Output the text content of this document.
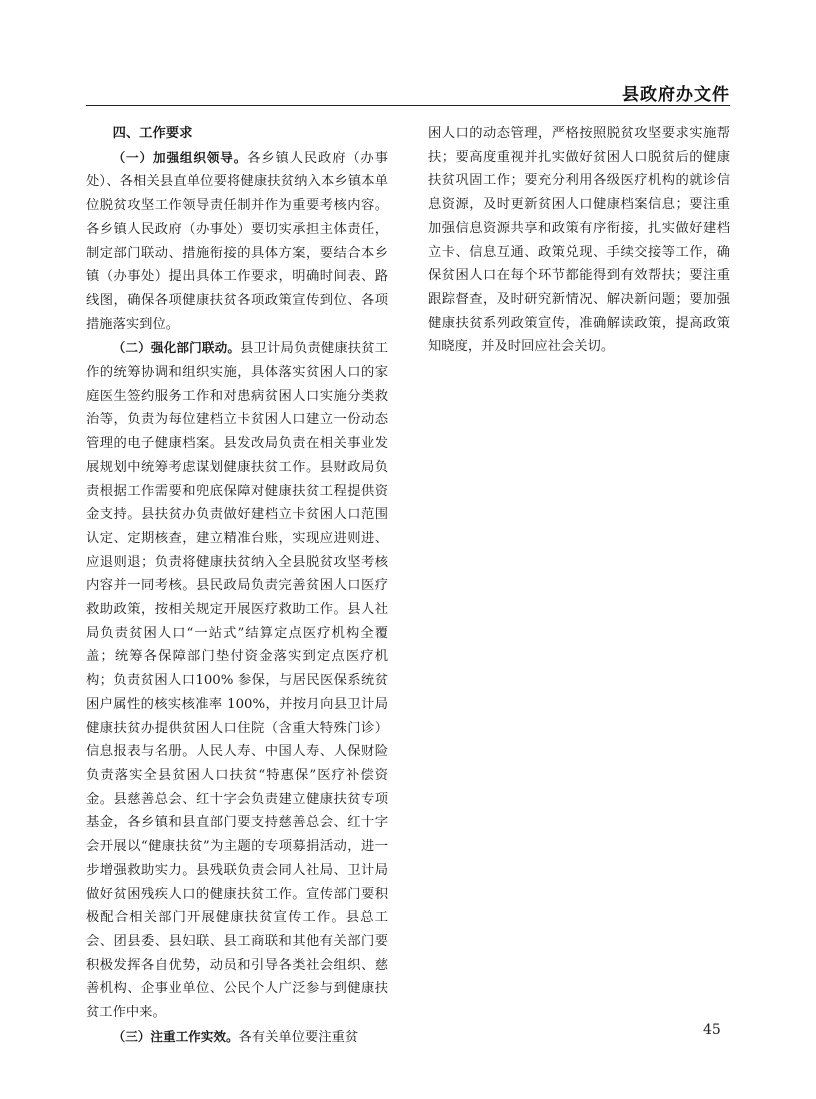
县政府办文件

四、工作要求

（一）加强组织领导。各乡镇人民政府（办事处）、各相关县直单位要将健康扶贫纳入本乡镇本单位脱贫攻坚工作领导责任制并作为重要考核内容。各乡镇人民政府（办事处）要切实承担主体责任，制定部门联动、措施衔接的具体方案，要结合本乡镇（办事处）提出具体工作要求，明确时间表、路线图，确保各项健康扶贫各项政策宣传到位、各项措施落实到位。

（二）强化部门联动。县卫计局负责健康扶贫工作的统筹协调和组织实施，具体落实贫困人口的家庭医生签约服务工作和对患病贫困人口实施分类救治等，负责为每位建档立卡贫困人口建立一份动态管理的电子健康档案。县发改局负责在相关事业发展规划中统筹考虑谋划健康扶贫工作。县财政局负责根据工作需要和兜底保障对健康扶贫工程提供资金支持。县扶贫办负责做好建档立卡贫困人口范围认定、定期核查，建立精准台账，实现应进则进、应退则退；负责将健康扶贫纳入全县脱贫攻坚考核内容并一同考核。县民政局负责完善贫困人口医疗救助政策，按相关规定开展医疗救助工作。县人社局负责贫困人口“一站式”结算定点医疗机构全覆盖；统筹各保障部门垫付资金落实到定点医疗机构；负责贫困人口100% 参保，与居民医保系统贫困户属性的核实核准率 100%，并按月向县卫计局健康扶贫办提供贫困人口住院（含重大特殊门诊）信息报表与名册。人民人寿、中国人寿、人保财险负责落实全县贫困人口扶贫“特惠保”医疗补偿资金。县慈善总会、红十字会负责建立健康扶贫专项基金，各乡镇和县直部门要支持慈善总会、红十字会开展以“健康扶贫”为主题的专项募捐活动，进一步增强救助实力。县残联负责会同人社局、卫计局做好贫困残疾人口的健康扶贫工作。宣传部门要积极配合相关部门开展健康扶贫宣传工作。县总工会、团县委、县妇联、县工商联和其他有关部门要积极发挥各自优势，动员和引导各类社会组织、慈善机构、企事业单位、公民个人广泛参与到健康扶贫工作中来。

（三）注重工作实效。各有关单位要注重贫

困人口的动态管理，严格按照脱贫攻坚要求实施帮扶；要高度重视并扎实做好贫困人口脱贫后的健康扶贫巩固工作；要充分利用各级医疗机构的就诊信息资源，及时更新贫困人口健康档案信息；要注重加强信息资源共享和政策有序衔接，扎实做好建档立卡、信息互通、政策兑现、手续交接等工作，确保贫困人口在每个环节都能得到有效帮扶；要注重跟踪督查，及时研究新情况、解决新问题；要加强健康扶贫系列政策宣传，准确解读政策，提高政策知晓度，并及时回应社会关切。

45
